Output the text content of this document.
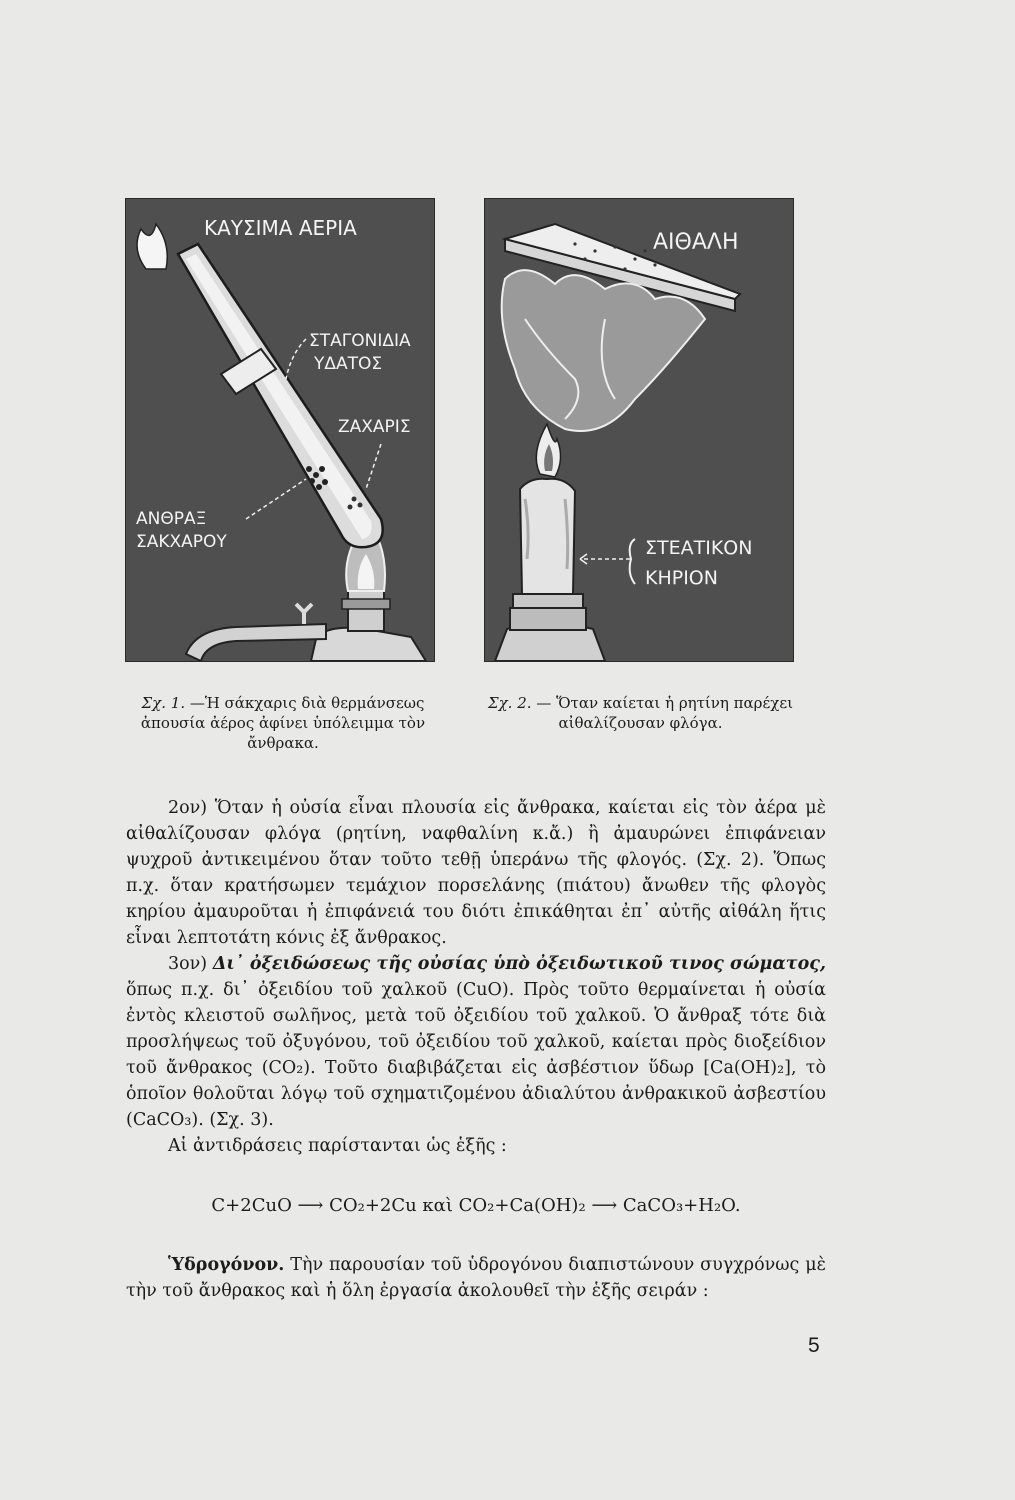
ΚΑΥΣΙΜΑ ΑΕΡΙΑ
ΣΤΑΓΟΝΙΔΙΑ
ΥΔΑΤΟΣ
ΖΑΧΑΡΙΣ
ΑΝΘΡΑΞ
ΣΑΚΧΑΡΟΥ
ΑΙΘΑΛΗ
ΣΤΕΑΤΙΚΟΝ
ΚΗΡΙΟΝ
Σχ. 1. —Ἡ σάκχαρις διὰ θερμάνσεως ἀπουσία ἀέρος ἀφίνει ὑπόλειμμα τὸν ἄνθρακα.
Σχ. 2. — Ὅταν καίεται ἡ ρητίνη παρέχει αἰθαλίζουσαν φλόγα.

2ον) Ὅταν ἡ οὐσία εἶναι πλουσία εἰς ἄνθρακα, καίεται εἰς τὸν ἀέρα μὲ αἰθαλίζουσαν φλόγα (ρητίνη, ναφθαλίνη κ.ἄ.) ἢ ἀμαυρώνει ἐπιφάνειαν ψυχροῦ ἀντικειμένου ὅταν τοῦτο τεθῇ ὑπεράνω τῆς φλογός. (Σχ. 2). Ὅπως π.χ. ὅταν κρατήσωμεν τεμάχιον πορσελάνης (πιάτου) ἄνωθεν τῆς φλογὸς κηρίου ἀμαυροῦται ἡ ἐπιφάνειά του διότι ἐπικάθηται ἐπ᾿ αὐτῆς αἰθάλη ἥτις εἶναι λεπτοτάτη κόνις ἐξ ἄνθρακος.

3ον) Δι᾿ ὀξειδώσεως τῆς οὐσίας ὑπὸ ὀξειδωτικοῦ τινος σώματος, ὅπως π.χ. δι᾿ ὀξειδίου τοῦ χαλκοῦ (CuO). Πρὸς τοῦτο θερμαίνεται ἡ οὐσία ἐντὸς κλειστοῦ σωλῆνος, μετὰ τοῦ ὀξειδίου τοῦ χαλκοῦ. Ὁ ἄνθραξ τότε διὰ προσλήψεως τοῦ ὀξυγόνου, τοῦ ὀξειδίου τοῦ χαλκοῦ, καίεται πρὸς διοξείδιον τοῦ ἄνθρακος (CO₂). Τοῦτο διαβιβάζεται εἰς ἀσβέστιον ὕδωρ [Ca(OH)₂], τὸ ὁποῖον θολοῦται λόγῳ τοῦ σχηματιζομένου ἀδιαλύτου ἀνθρακικοῦ ἀσβεστίου (CaCO₃). (Σχ. 3).

Αἱ ἀντιδράσεις παρίστανται ὡς ἑξῆς :

C+2CuO ⟶ CO₂+2Cu καὶ CO₂+Ca(OH)₂ ⟶ CaCO₃+H₂O.

Ὑδρογόνον. Τὴν παρουσίαν τοῦ ὑδρογόνου διαπιστώνουν συγχρόνως μὲ τὴν τοῦ ἄνθρακος καὶ ἡ ὅλη ἐργασία ἀκολουθεῖ τὴν ἑξῆς σειράν :

5
